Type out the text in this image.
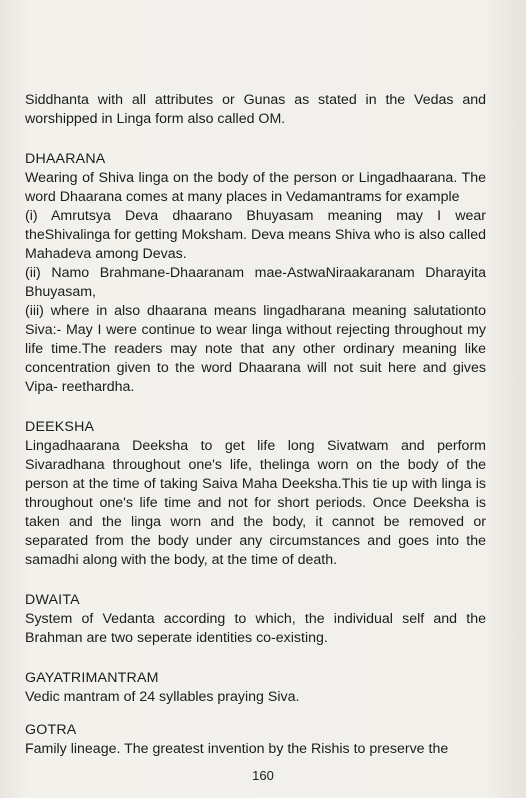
Siddhanta with all attributes or Gunas as stated in the Vedas and worshipped in Linga form also called OM.

DHAARANA

Wearing of Shiva linga on the body of the person or Lingadhaarana. The word Dhaarana comes at many places in Vedamantrams for example

(i) Amrutsya Deva dhaarano Bhuyasam meaning may I wear theShivalinga for getting Moksham. Deva means Shiva who is also called Mahadeva among Devas.

(ii) Namo Brahmane-Dhaaranam mae-AstwaNiraakaranam Dharayita Bhuyasam,

(iii) where in also dhaarana means lingadharana meaning salutationto Siva:- May I were continue to wear linga without rejecting throughout my life time.The readers may note that any other ordinary meaning like concentration given to the word Dhaarana will not suit here and gives Vipa- reethardha.

DEEKSHA

Lingadhaarana Deeksha to get life long Sivatwam and perform Sivaradhana throughout one's life, thelinga worn on the body of the person at the time of taking Saiva Maha Deeksha.This tie up with linga is throughout one's life time and not for short periods. Once Deeksha is taken and the linga worn and the body, it cannot be removed or separated from the body under any circumstances and goes into the samadhi along with the body, at the time of death.

DWAITA

System of Vedanta according to which, the individual self and the Brahman are two seperate identities co-existing.

GAYATRIMANTRAM

Vedic mantram of 24 syllables praying Siva.

GOTRA

Family lineage. The greatest invention by the Rishis to preserve the

160
